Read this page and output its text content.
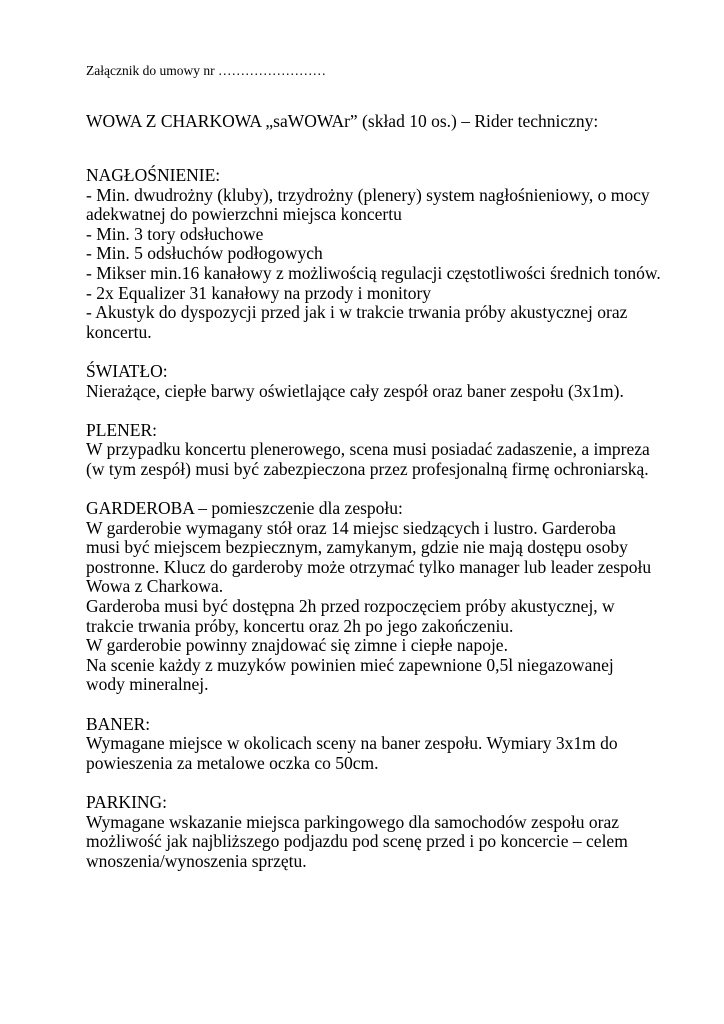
Załącznik do umowy nr ……………………
WOWA Z CHARKOWA „saWOWAr” (skład 10 os.) – Rider techniczny:
NAGŁOŚNIENIE:
- Min. dwudrożny (kluby), trzydrożny (plenery) system nagłośnieniowy, o mocy
adekwatnej do powierzchni miejsca koncertu
- Min. 3 tory odsłuchowe
- Min. 5 odsłuchów podłogowych
- Mikser min.16 kanałowy z możliwością regulacji częstotliwości średnich tonów.
- 2x Equalizer 31 kanałowy na przody i monitory
- Akustyk do dyspozycji przed jak i w trakcie trwania próby akustycznej oraz
koncertu.
ŚWIATŁO:
Nierażące, ciepłe barwy oświetlające cały zespół oraz baner zespołu (3x1m).
PLENER:
W przypadku koncertu plenerowego, scena musi posiadać zadaszenie, a impreza
(w tym zespół) musi być zabezpieczona przez profesjonalną firmę ochroniarską.
GARDEROBA – pomieszczenie dla zespołu:
W garderobie wymagany stół oraz 14 miejsc siedzących i lustro. Garderoba
musi być miejscem bezpiecznym, zamykanym, gdzie nie mają dostępu osoby
postronne. Klucz do garderoby może otrzymać tylko manager lub leader zespołu
Wowa z Charkowa.
Garderoba musi być dostępna 2h przed rozpoczęciem próby akustycznej, w
trakcie trwania próby, koncertu oraz 2h po jego zakończeniu.
W garderobie powinny znajdować się zimne i ciepłe napoje.
Na scenie każdy z muzyków powinien mieć zapewnione 0,5l niegazowanej
wody mineralnej.
BANER:
Wymagane miejsce w okolicach sceny na baner zespołu. Wymiary 3x1m do
powieszenia za metalowe oczka co 50cm.
PARKING:
Wymagane wskazanie miejsca parkingowego dla samochodów zespołu oraz
możliwość jak najbliższego podjazdu pod scenę przed i po koncercie – celem
wnoszenia/wynoszenia sprzętu.
